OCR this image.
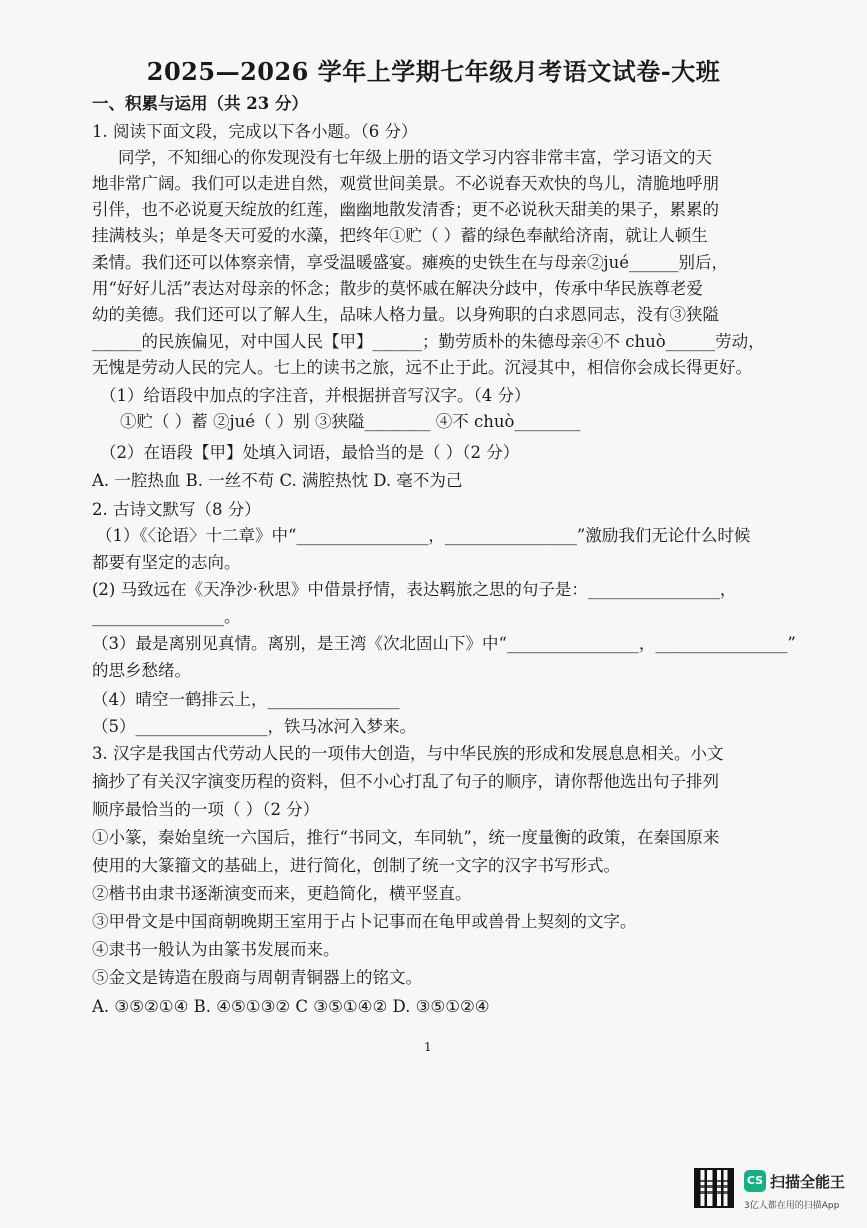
2025—2026 学年上学期七年级月考语文试卷-大班
一、积累与运用（共 23 分）
1. 阅读下面文段，完成以下各小题。（6 分）
同学，不知细心的你发现没有七年级上册的语文学习内容非常丰富，学习语文的天
地非常广阔。我们可以走进自然，观赏世间美景。不必说春天欢快的鸟儿，清脆地呼朋
引伴，也不必说夏天绽放的红莲，幽幽地散发清香；更不必说秋天甜美的果子，累累的
挂满枝头；单是冬天可爱的水藻，把终年①贮（ ）蓄的绿色奉献给济南，就让人顿生
柔情。我们还可以体察亲情，享受温暖盛宴。瘫痪的史铁生在与母亲②jué______别后，
用“好好儿活”表达对母亲的怀念；散步的莫怀戚在解决分歧中，传承中华民族尊老爱
幼的美德。我们还可以了解人生，品味人格力量。以身殉职的白求恩同志，没有③狭隘
______的民族偏见，对中国人民【甲】______；勤劳质朴的朱德母亲④不 chuò______劳动，
无愧是劳动人民的完人。七上的读书之旅，远不止于此。沉浸其中，相信你会成长得更好。
（1）给语段中加点的字注音，并根据拼音写汉字。（4 分）
①贮（ ）蓄 ②jué（ ）别 ③狭隘________ ④不 chuò________
（2）在语段【甲】处填入词语，最恰当的是（ ）（2 分）
A. 一腔热血 B. 一丝不苟 C. 满腔热忱 D. 毫不为己
2. 古诗文默写（8 分）
（1）《〈论语〉十二章》中“________________，________________”激励我们无论什么时候
都要有坚定的志向。
(2) 马致远在《天净沙·秋思》中借景抒情，表达羁旅之思的句子是：________________，
________________。
（3）最是离别见真情。离别，是王湾《次北固山下》中“________________，________________”
的思乡愁绪。
（4）晴空一鹤排云上，________________
（5）________________，铁马冰河入梦来。
3. 汉字是我国古代劳动人民的一项伟大创造，与中华民族的形成和发展息息相关。小文
摘抄了有关汉字演变历程的资料，但不小心打乱了句子的顺序，请你帮他选出句子排列
顺序最恰当的一项（ ）（2 分）
①小篆，秦始皇统一六国后，推行“书同文，车同轨”，统一度量衡的政策，在秦国原来
使用的大篆籀文的基础上，进行简化，创制了统一文字的汉字书写形式。
②楷书由隶书逐渐演变而来，更趋简化，横平竖直。
③甲骨文是中国商朝晚期王室用于占卜记事而在龟甲或兽骨上契刻的文字。
④隶书一般认为由篆书发展而来。
⑤金文是铸造在殷商与周朝青铜器上的铭文。
A. ③⑤②①④ B. ④⑤①③② C ③⑤①④② D. ③⑤①②④
1
CS 扫描全能王
3亿人都在用的扫描App
